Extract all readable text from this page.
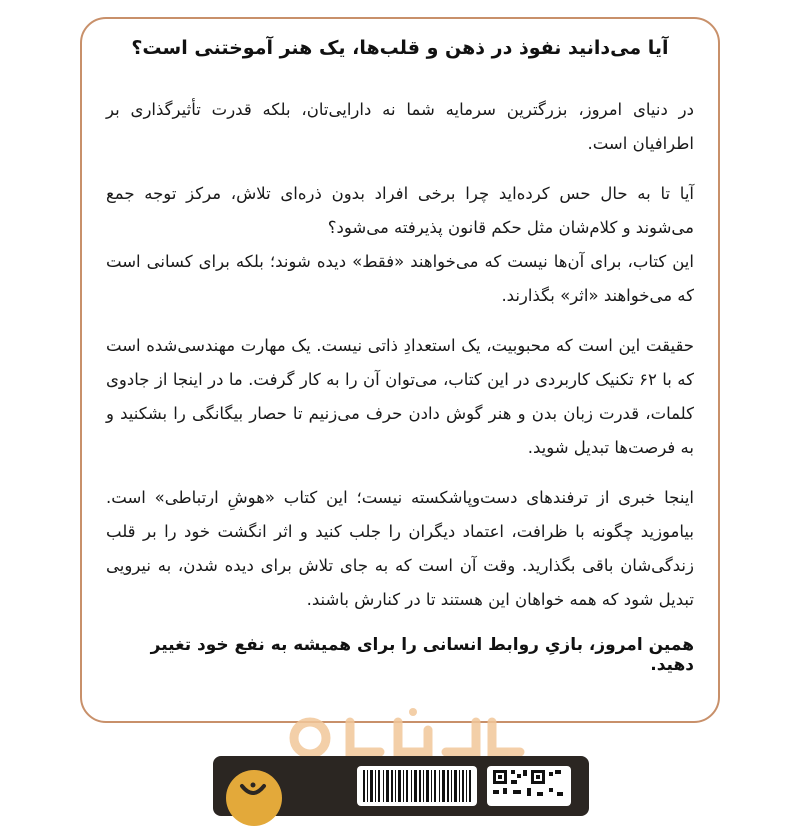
آیا می‌دانید نفوذ در ذهن و قلب‌ها، یک هنر آموختنی است؟

در دنیای امروز، بزرگترین سرمایه شما نه دارایی‌تان، بلکه قدرت تأثیرگذاری بر اطرافیان است.

آیا تا به حال حس کرده‌اید چرا برخی افراد بدون ذره‌ای تلاش، مرکز توجه جمع می‌شوند و کلام‌شان مثل حکم قانون پذیرفته می‌شود؟

این کتاب، برای آن‌ها نیست که می‌خواهند «فقط» دیده شوند؛ بلکه برای کسانی است که می‌خواهند «اثر» بگذارند.

حقیقت این است که محبوبیت، یک استعدادِ ذاتی نیست. یک مهارت مهندسی‌شده است که با ۶۲ تکنیک کاربردی در این کتاب، می‌توان آن را به کار گرفت. ما در اینجا از جادوی کلمات، قدرت زبان بدن و هنر گوش دادن حرف می‌زنیم تا حصار بیگانگی را بشکنید و به فرصت‌ها تبدیل شوید.

اینجا خبری از ترفندهای دست‌وپاشکسته نیست؛ این کتاب «هوشِ ارتباطی» است. بیاموزید چگونه با ظرافت، اعتماد دیگران را جلب کنید و اثر انگشت خود را بر قلب زندگی‌شان باقی بگذارید. وقت آن است که به جای تلاش برای دیده شدن، به نیرویی تبدیل شود که همه خواهان این هستند تا در کنارش باشند.

همین امروز، بازیِ روابط انسانی را برای همیشه به نفع خود تغییر دهید.
